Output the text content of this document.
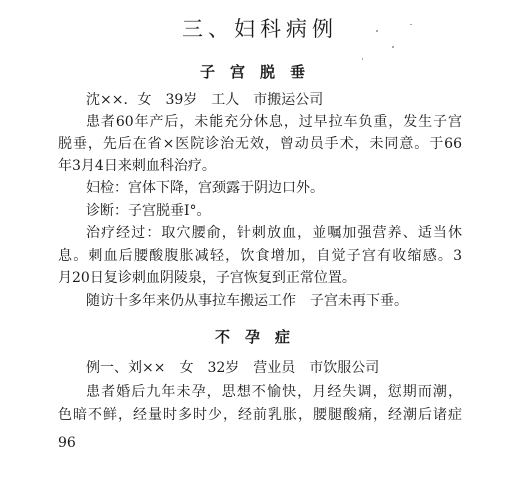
三、妇科病例
子宫脱垂
沈××．女　39岁　工人　市搬运公司
患者60年产后，未能充分休息，过早拉车负重，发生子宫
脱垂，先后在省×医院诊治无效，曾动员手术，未同意。于66
年3月4日来刺血科治疗。
妇检：宫体下降，宫颈露于阴边口外。
诊断：子宫脱垂Ⅰ°。
治疗经过：取穴腰俞，针刺放血，並嘱加强营养、适当休
息。刺血后腰酸腹胀减轻，饮食增加，自觉子宫有收缩感。3
月20日复诊刺血阴陵泉，子宫恢复到正常位置。
随访十多年来仍从事拉车搬运工作　子宫未再下垂。
不孕症
例一、刘××　女　32岁　营业员　市饮服公司
患者婚后九年未孕，思想不愉快，月经失调，愆期而潮，
色暗不鲜，经量时多时少，经前乳胀，腰腿酸痛，经潮后诸症
96
